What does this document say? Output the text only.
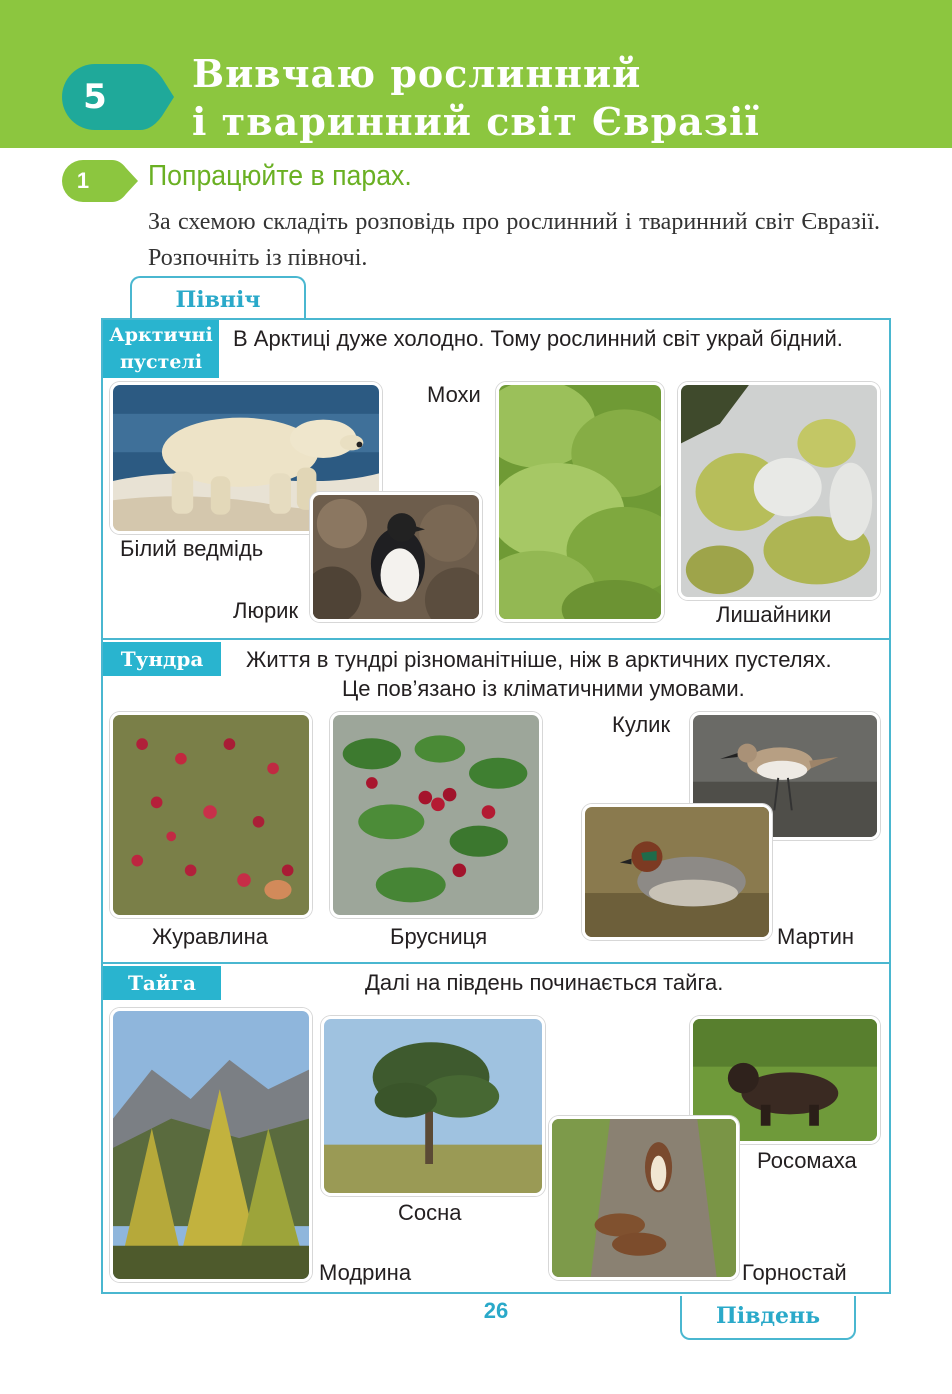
5
Вивчаю рослинний
і тваринний світ Євразії
1	Попрацюйте в парах.
За схемою складіть розповідь про рослинний і тваринний світ Євразії. Розпочніть із півночі.
Північ
Арктичні
пустелі
В Арктиці дуже холодно. Тому рослинний світ украй бідний.
Білий ведмідь
Люрик
Мохи
Лишайники
Тундра	Життя в тундрі різноманітніше, ніж в арктичних пустелях.
Це пов’язано із кліматичними умовами.
Журавлина	Брусниця
Кулик
Мартин
Тайга	Далі на південь починається тайга.
Модрина
Сосна
Росомаха
Горностай
26	Південь
